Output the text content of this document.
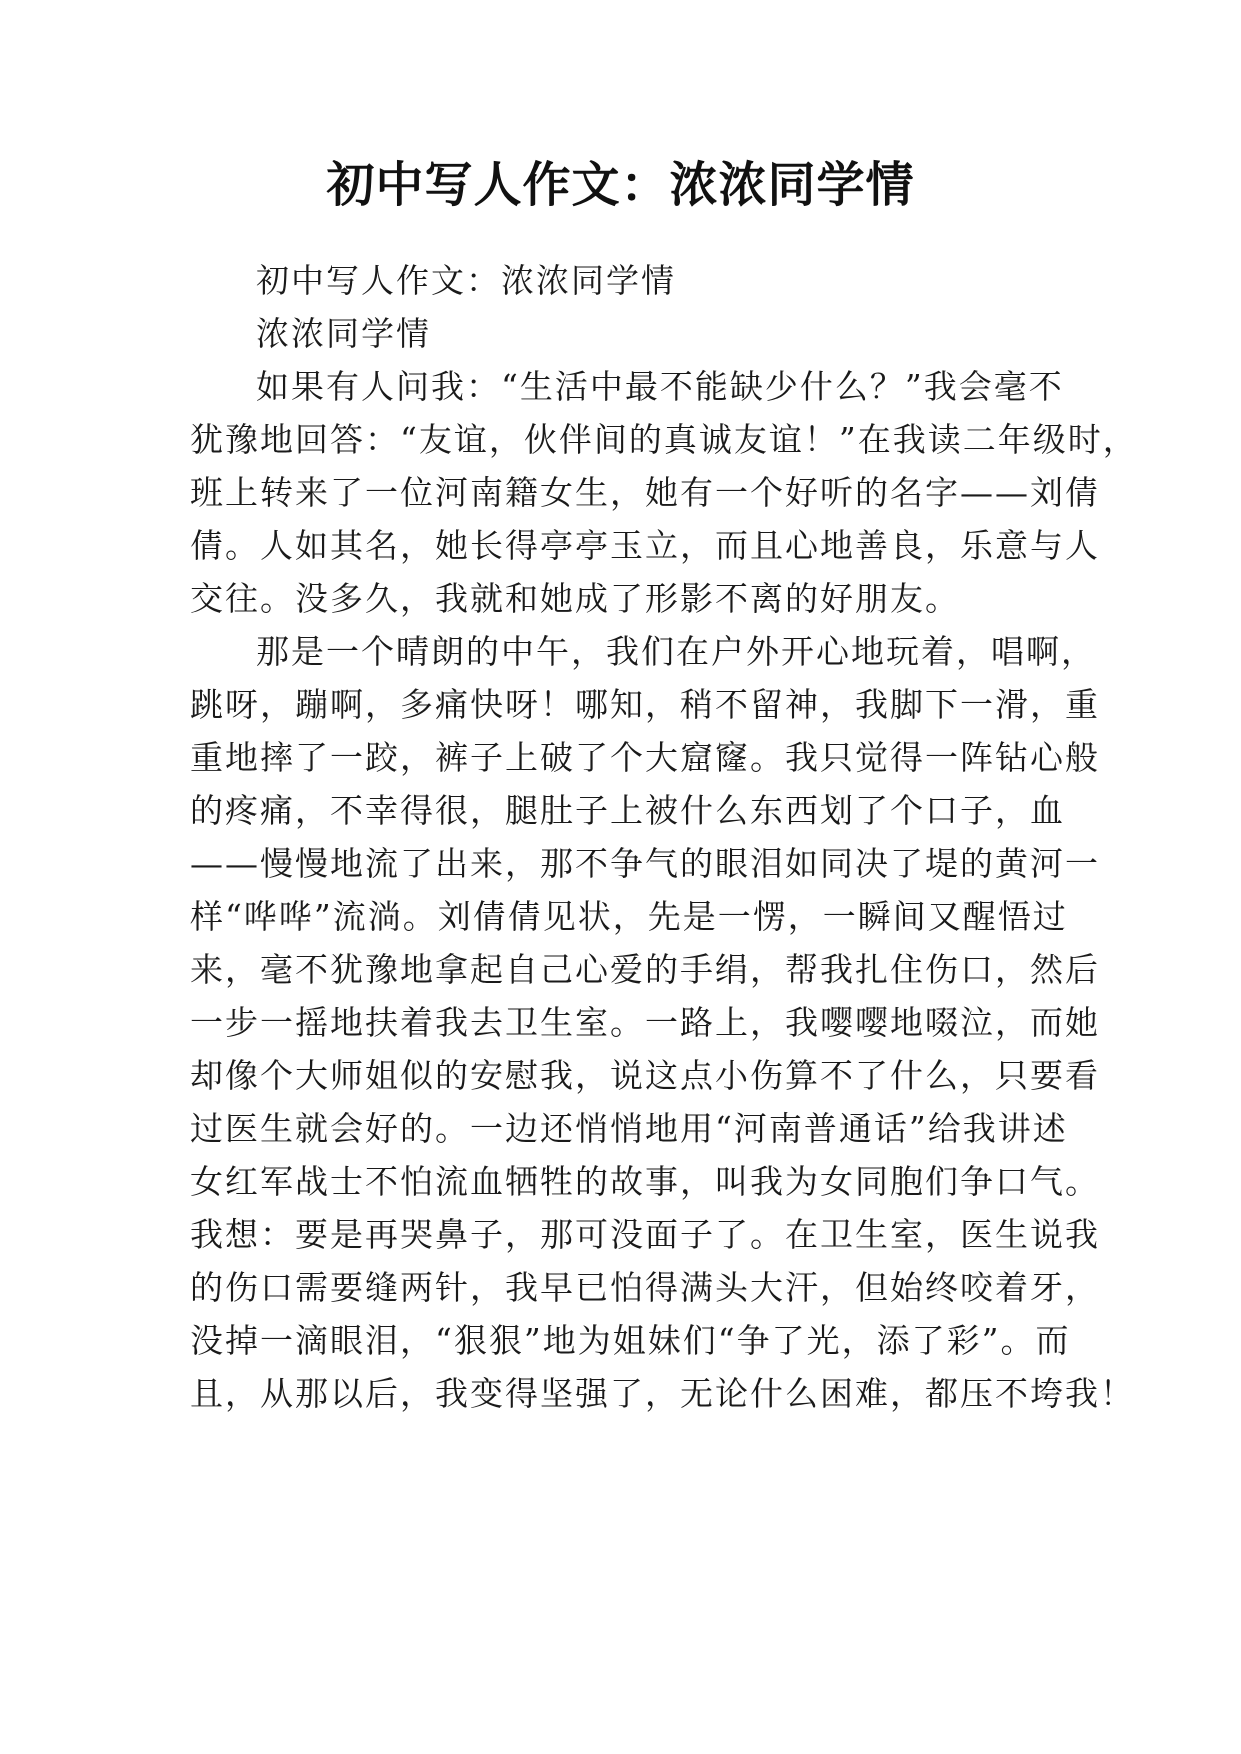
初中写人作文：浓浓同学情
初中写人作文：浓浓同学情
浓浓同学情
如果有人问我：“生活中最不能缺少什么？”我会毫不
犹豫地回答：“友谊，伙伴间的真诚友谊！”在我读二年级时，
班上转来了一位河南籍女生，她有一个好听的名字——刘倩
倩。人如其名，她长得亭亭玉立，而且心地善良，乐意与人
交往。没多久，我就和她成了形影不离的好朋友。
那是一个晴朗的中午，我们在户外开心地玩着，唱啊，
跳呀，蹦啊，多痛快呀！哪知，稍不留神，我脚下一滑，重
重地摔了一跤，裤子上破了个大窟窿。我只觉得一阵钻心般
的疼痛，不幸得很，腿肚子上被什么东西划了个口子，血
——慢慢地流了出来，那不争气的眼泪如同决了堤的黄河一
样“哗哗”流淌。刘倩倩见状，先是一愣，一瞬间又醒悟过
来，毫不犹豫地拿起自己心爱的手绢，帮我扎住伤口，然后
一步一摇地扶着我去卫生室。一路上，我嘤嘤地啜泣，而她
却像个大师姐似的安慰我，说这点小伤算不了什么，只要看
过医生就会好的。一边还悄悄地用“河南普通话”给我讲述
女红军战士不怕流血牺牲的故事，叫我为女同胞们争口气。
我想：要是再哭鼻子，那可没面子了。在卫生室，医生说我
的伤口需要缝两针，我早已怕得满头大汗，但始终咬着牙，
没掉一滴眼泪，“狠狠”地为姐妹们“争了光，添了彩”。而
且，从那以后，我变得坚强了，无论什么困难，都压不垮我！
